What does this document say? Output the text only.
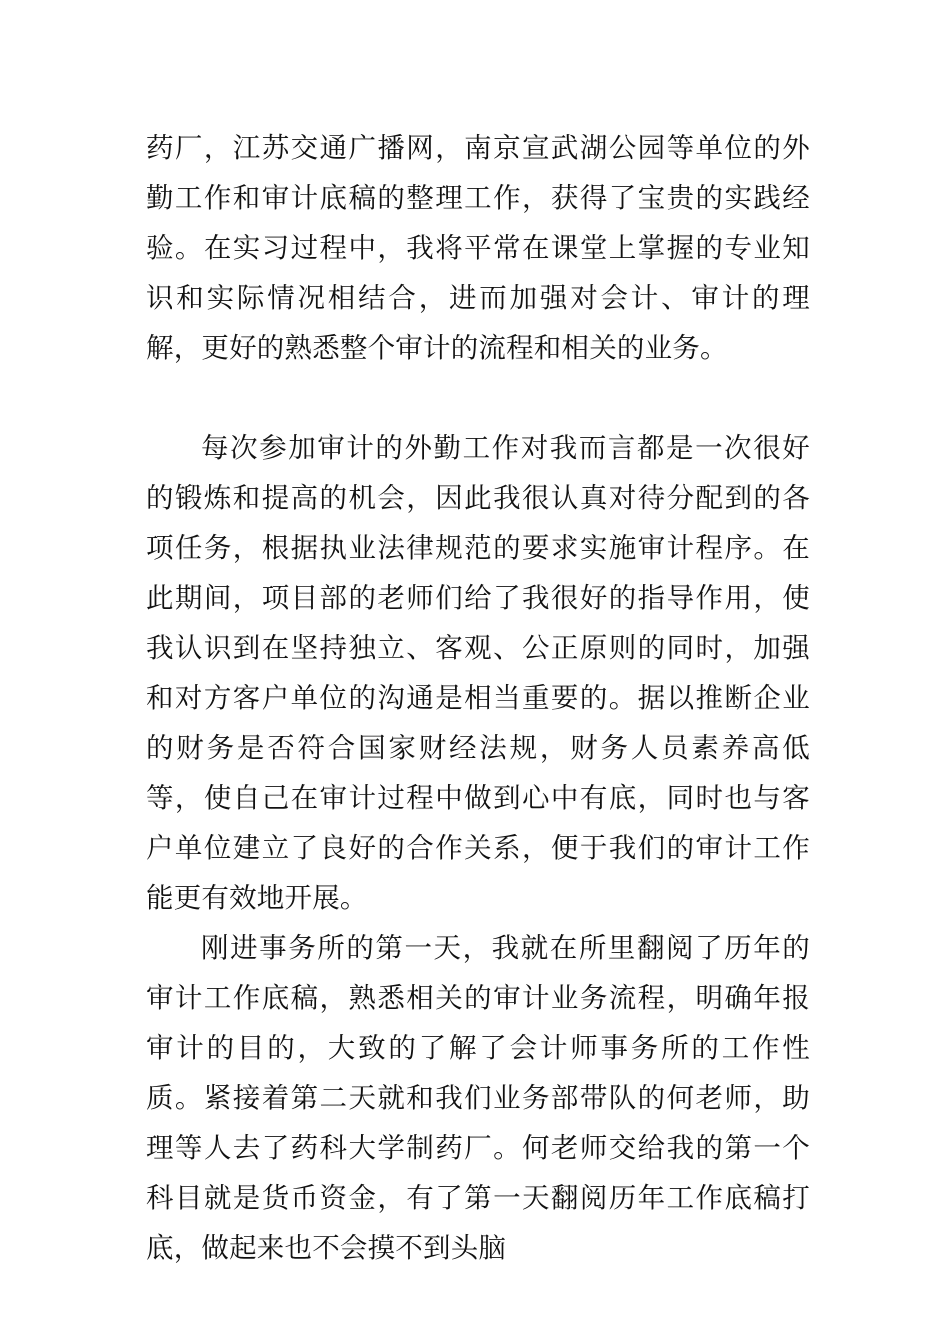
药厂，江苏交通广播网，南京宣武湖公园等单位的外勤工作和审计底稿的整理工作，获得了宝贵的实践经验。在实习过程中，我将平常在课堂上掌握的专业知识和实际情况相结合，进而加强对会计、审计的理解，更好的熟悉整个审计的流程和相关的业务。

每次参加审计的外勤工作对我而言都是一次很好的锻炼和提高的机会，因此我很认真对待分配到的各项任务，根据执业法律规范的要求实施审计程序。在此期间，项目部的老师们给了我很好的指导作用，使我认识到在坚持独立、客观、公正原则的同时，加强和对方客户单位的沟通是相当重要的。据以推断企业的财务是否符合国家财经法规，财务人员素养高低等，使自己在审计过程中做到心中有底，同时也与客户单位建立了良好的合作关系，便于我们的审计工作能更有效地开展。

刚进事务所的第一天，我就在所里翻阅了历年的审计工作底稿，熟悉相关的审计业务流程，明确年报审计的目的，大致的了解了会计师事务所的工作性质。紧接着第二天就和我们业务部带队的何老师，助理等人去了药科大学制药厂。何老师交给我的第一个科目就是货币资金，有了第一天翻阅历年工作底稿打底，做起来也不会摸不到头脑
